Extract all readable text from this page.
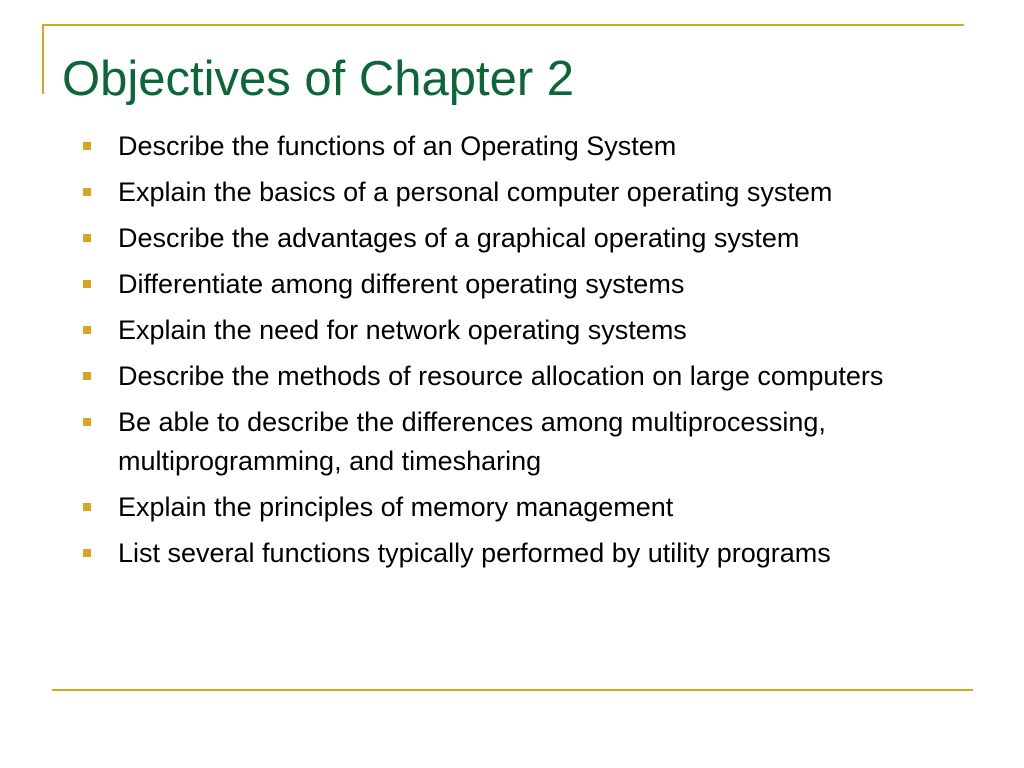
Objectives of Chapter 2
Describe the functions of an Operating System
Explain the basics of a personal computer operating system
Describe the advantages of a graphical operating system
Differentiate among different operating systems
Explain the need for network operating systems
Describe the methods of resource allocation on large computers
Be able to describe the differences among multiprocessing, multiprogramming, and timesharing
Explain the principles of memory management
List several functions typically performed by utility programs
